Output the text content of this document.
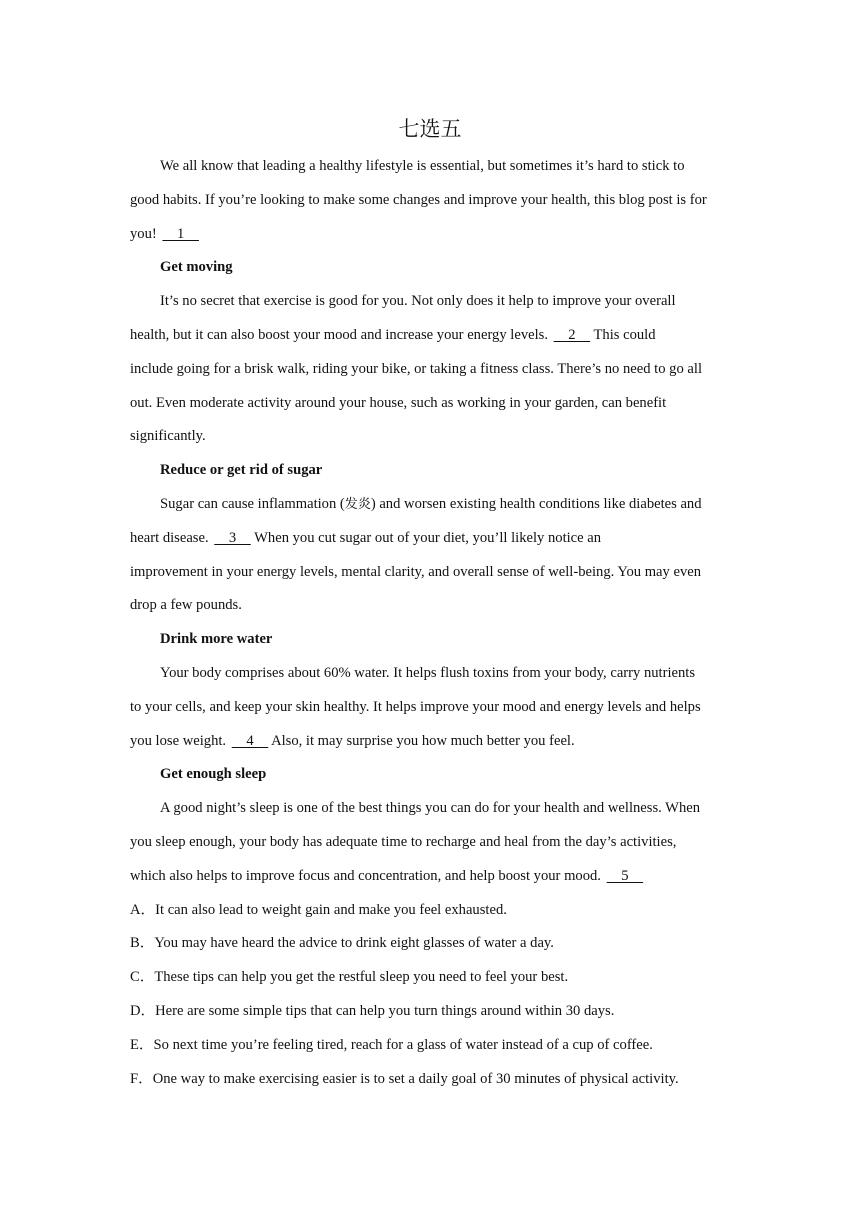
七选五
We all know that leading a healthy lifestyle is essential, but sometimes it’s hard to stick to
good habits. If you’re looking to make some changes and improve your health, this blog post is for
you!     1
Get moving
It’s no secret that exercise is good for you. Not only does it help to improve your overall
health, but it can also boost your mood and increase your energy levels.     2     This could
include going for a brisk walk, riding your bike, or taking a fitness class. There’s no need to go all
out. Even moderate activity around your house, such as working in your garden, can benefit
significantly.
Reduce or get rid of sugar
Sugar can cause inflammation (发炎) and worsen existing health conditions like diabetes and
heart disease.     3     When you cut sugar out of your diet, you’ll likely notice an
improvement in your energy levels, mental clarity, and overall sense of well-being. You may even
drop a few pounds.
Drink more water
Your body comprises about 60% water. It helps flush toxins from your body, carry nutrients
to your cells, and keep your skin healthy. It helps improve your mood and energy levels and helps
you lose weight.     4     Also, it may surprise you how much better you feel.
Get enough sleep
A good night’s sleep is one of the best things you can do for your health and wellness. When
you sleep enough, your body has adequate time to recharge and heal from the day’s activities,
which also helps to improve focus and concentration, and help boost your mood.     5
A．It can also lead to weight gain and make you feel exhausted.
B．You may have heard the advice to drink eight glasses of water a day.
C．These tips can help you get the restful sleep you need to feel your best.
D．Here are some simple tips that can help you turn things around within 30 days.
E．So next time you’re feeling tired, reach for a glass of water instead of a cup of coffee.
F．One way to make exercising easier is to set a daily goal of 30 minutes of physical activity.
